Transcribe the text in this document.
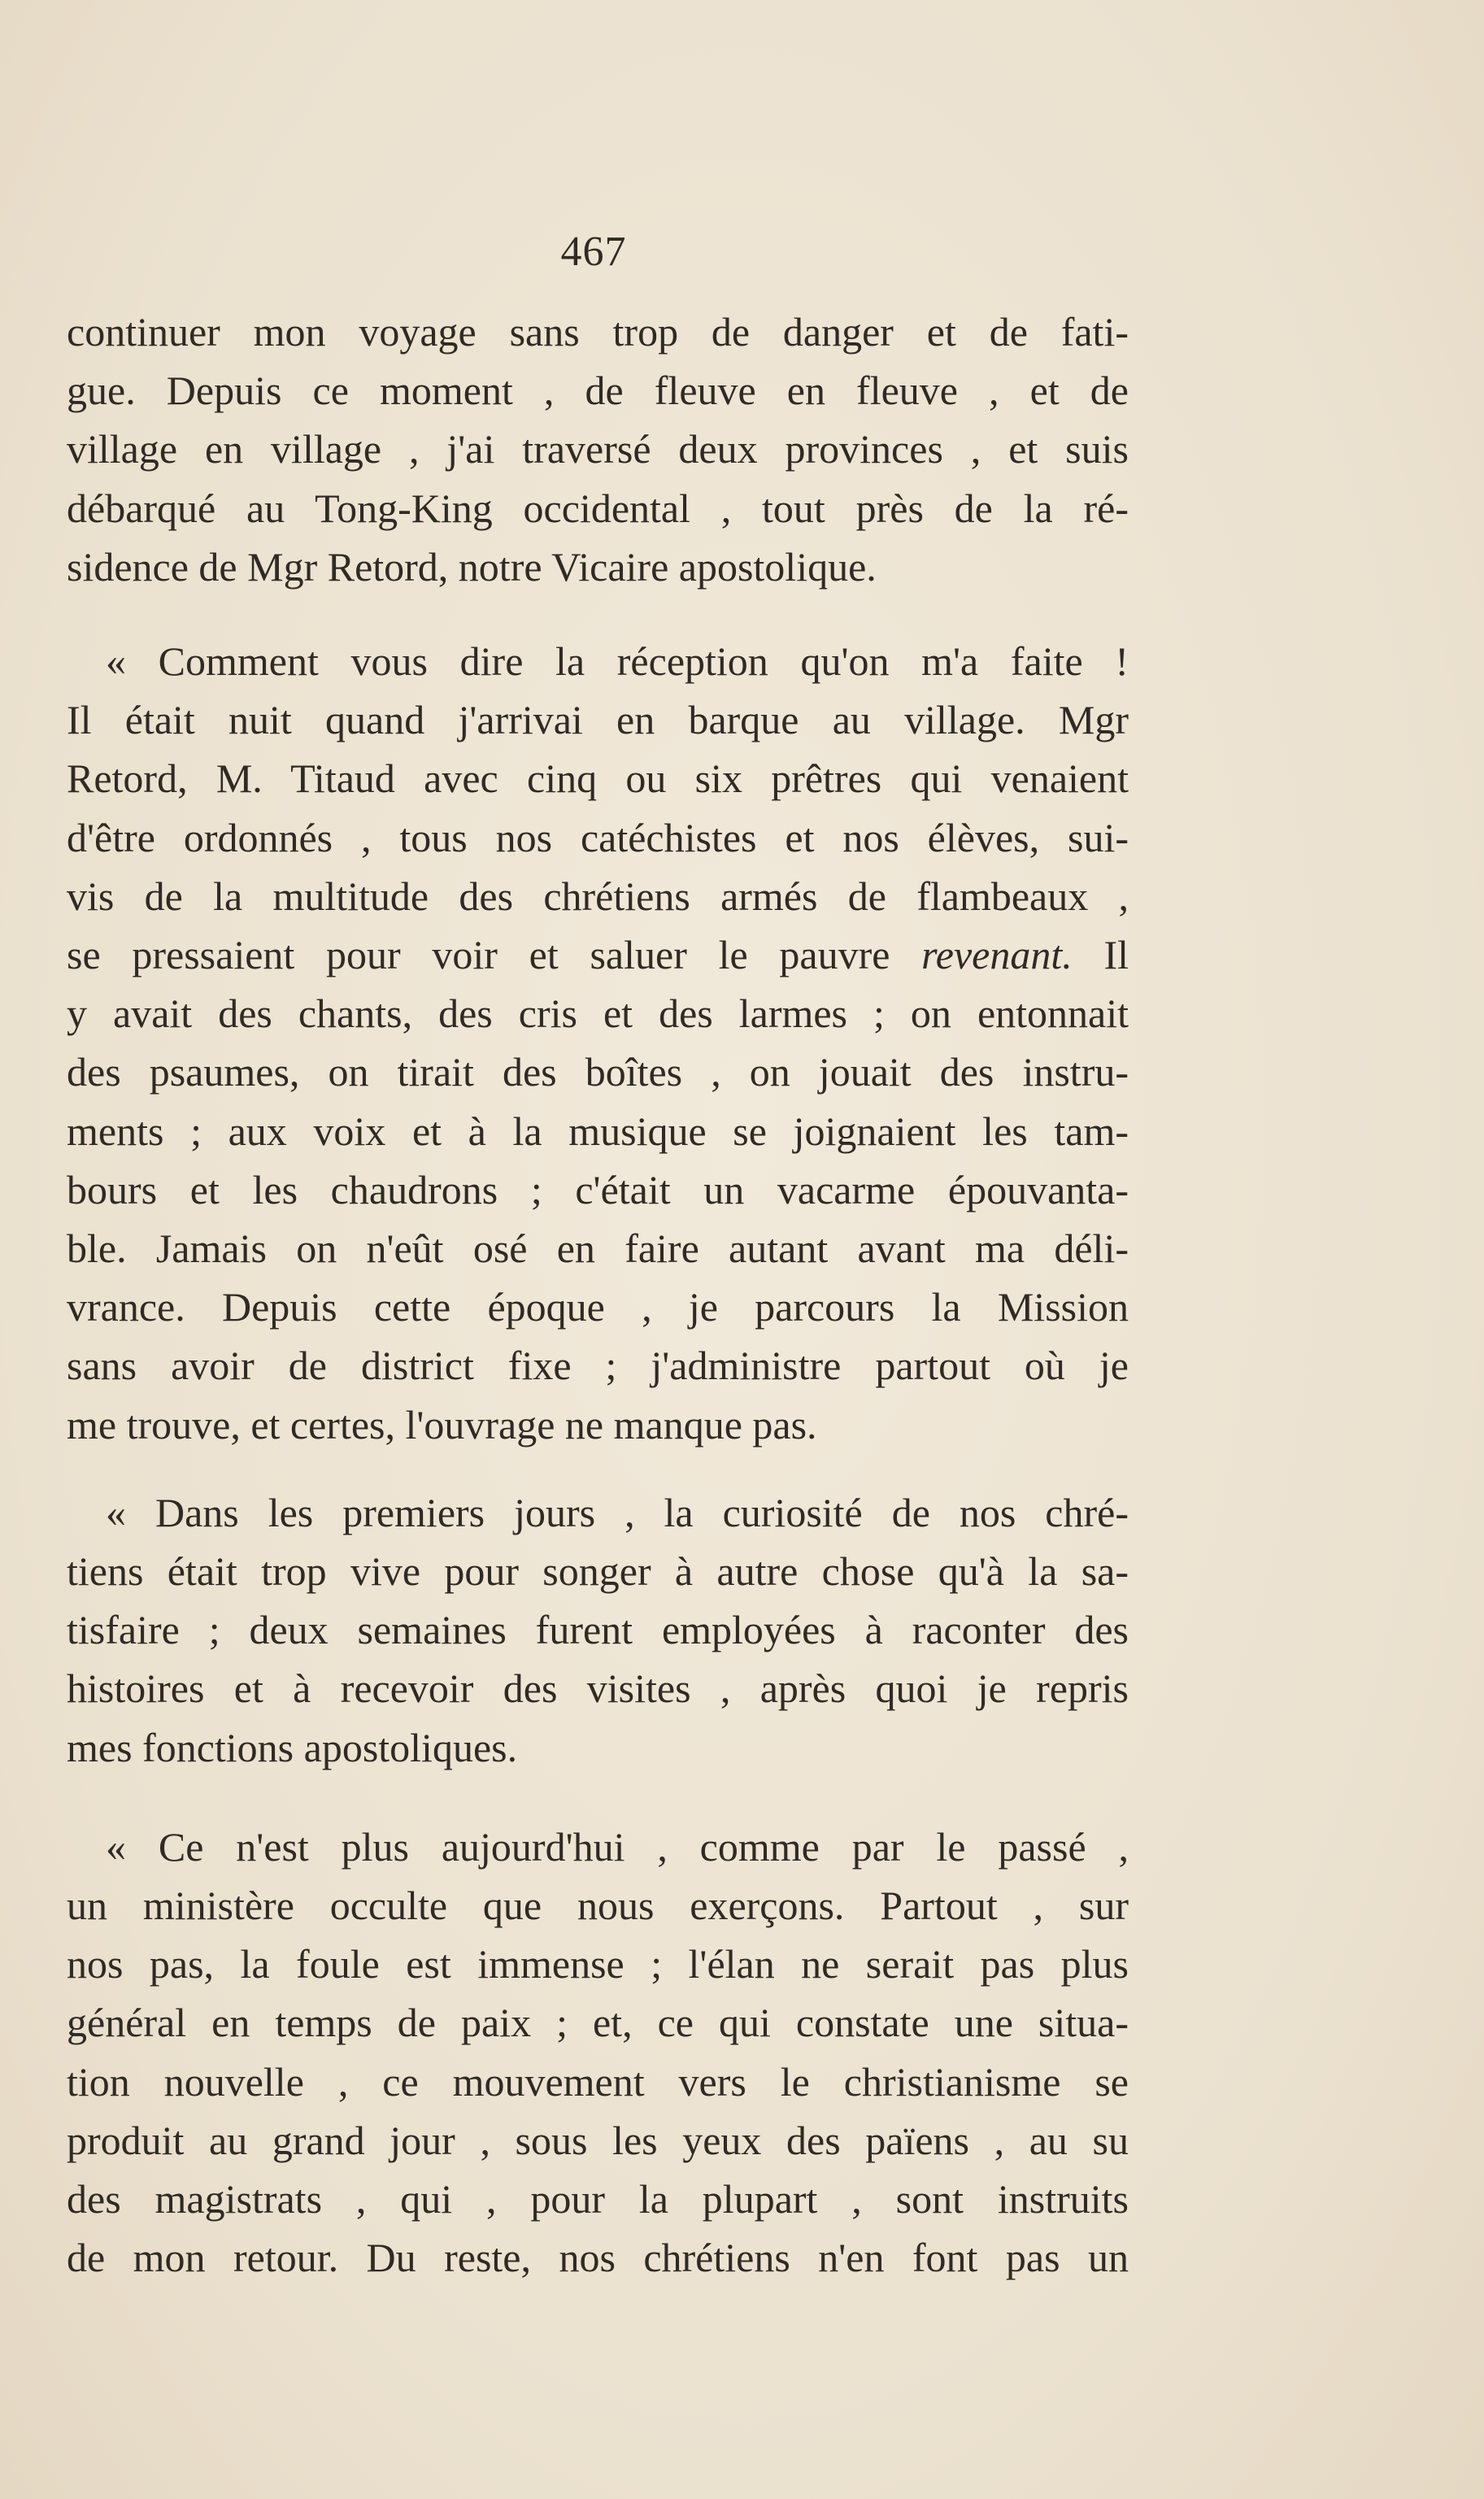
467

continuer mon voyage sans trop de danger et de fati-

gue. Depuis ce moment , de fleuve en fleuve , et de

village en village , j'ai traversé deux provinces , et suis

débarqué au Tong-King occidental , tout près de la ré-

sidence de Mgr Retord, notre Vicaire apostolique.

« Comment vous dire la réception qu'on m'a faite !

Il était nuit quand j'arrivai en barque au village. Mgr

Retord, M. Titaud avec cinq ou six prêtres qui venaient

d'être ordonnés , tous nos catéchistes et nos élèves, sui-

vis de la multitude des chrétiens armés de flambeaux ,

se pressaient pour voir et saluer le pauvre revenant. Il

y avait des chants, des cris et des larmes ; on entonnait

des psaumes, on tirait des boîtes , on jouait des instru-

ments ; aux voix et à la musique se joignaient les tam-

bours et les chaudrons ; c'était un vacarme épouvanta-

ble. Jamais on n'eût osé en faire autant avant ma déli-

vrance. Depuis cette époque , je parcours la Mission

sans avoir de district fixe ; j'administre partout où je

me trouve, et certes, l'ouvrage ne manque pas.

« Dans les premiers jours , la curiosité de nos chré-

tiens était trop vive pour songer à autre chose qu'à la sa-

tisfaire ; deux semaines furent employées à raconter des

histoires et à recevoir des visites , après quoi je repris

mes fonctions apostoliques.

« Ce n'est plus aujourd'hui , comme par le passé ,

un ministère occulte que nous exerçons. Partout , sur

nos pas, la foule est immense ; l'élan ne serait pas plus

général en temps de paix ; et, ce qui constate une situa-

tion nouvelle , ce mouvement vers le christianisme se

produit au grand jour , sous les yeux des païens , au su

des magistrats , qui , pour la plupart , sont instruits

de mon retour. Du reste, nos chrétiens n'en font pas un
